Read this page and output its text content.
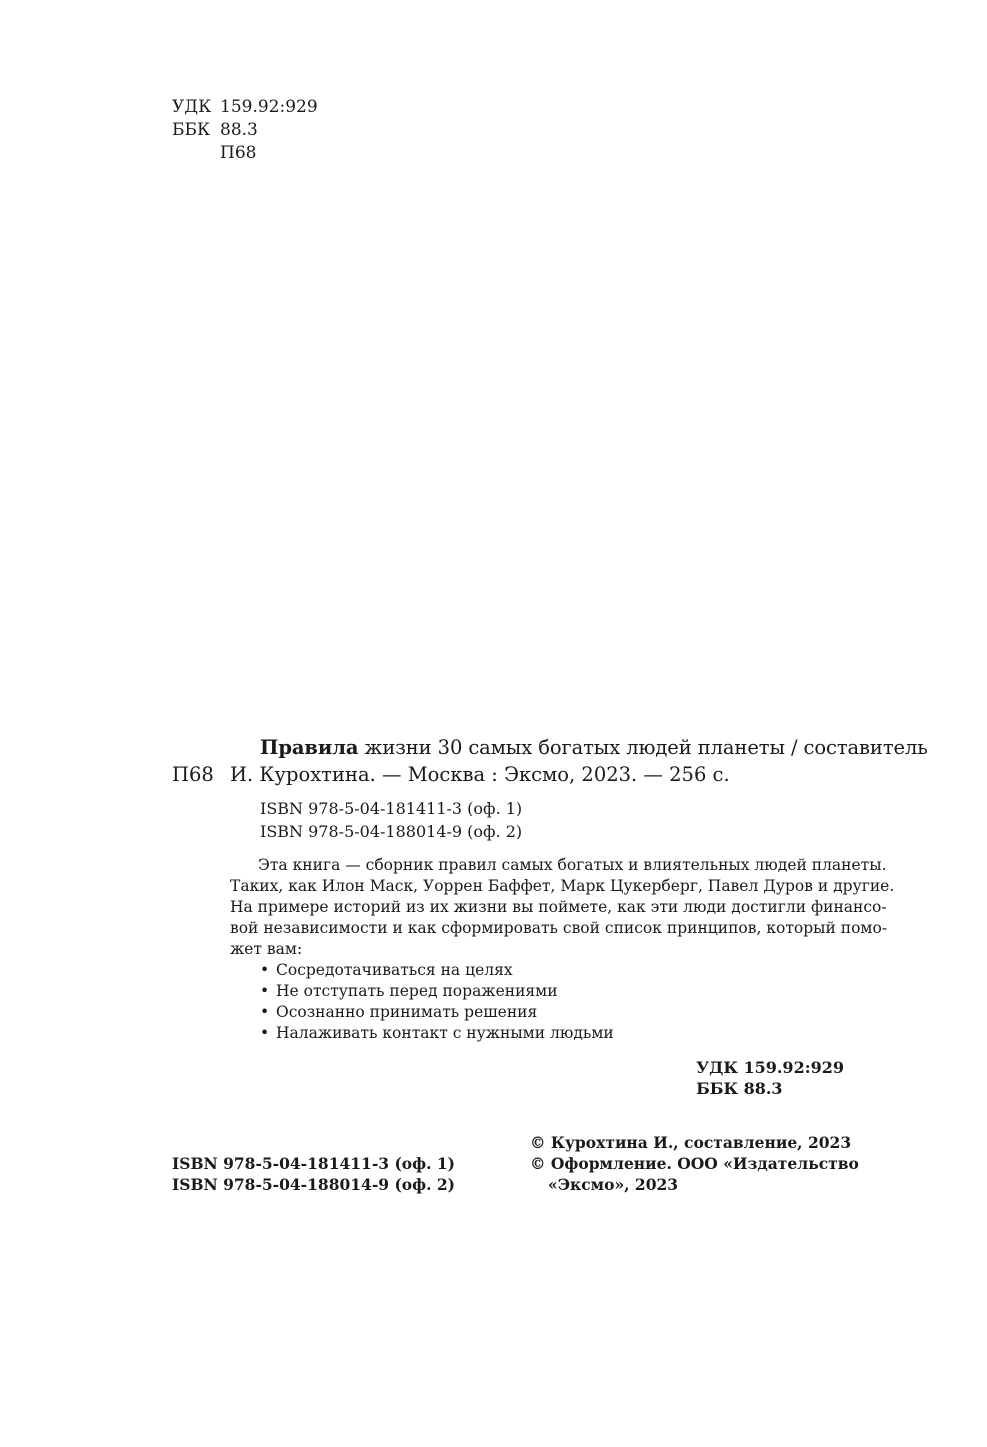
УДК 159.92:929
ББК 88.3
П68
Правила жизни 30 самых богатых людей планеты / составитель
П68 И. Курохтина. — Москва : Эксмо, 2023. — 256 с.
ISBN 978-5-04-181411-3 (оф. 1)
ISBN 978-5-04-188014-9 (оф. 2)
Эта книга — сборник правил самых богатых и влиятельных людей планеты.
Таких, как Илон Маск, Уоррен Баффет, Марк Цукерберг, Павел Дуров и другие.
На примере историй из их жизни вы поймете, как эти люди достигли финансо-
вой независимости и как сформировать свой список принципов, который помо-
жет вам:
• Сосредотачиваться на целях
• Не отступать перед поражениями
• Осознанно принимать решения
• Налаживать контакт с нужными людьми
УДК 159.92:929
ББК 88.3
© Курохтина И., составление, 2023
© Оформление. ООО «Издательство
«Эксмо», 2023
ISBN 978-5-04-181411-3 (оф. 1)
ISBN 978-5-04-188014-9 (оф. 2)
